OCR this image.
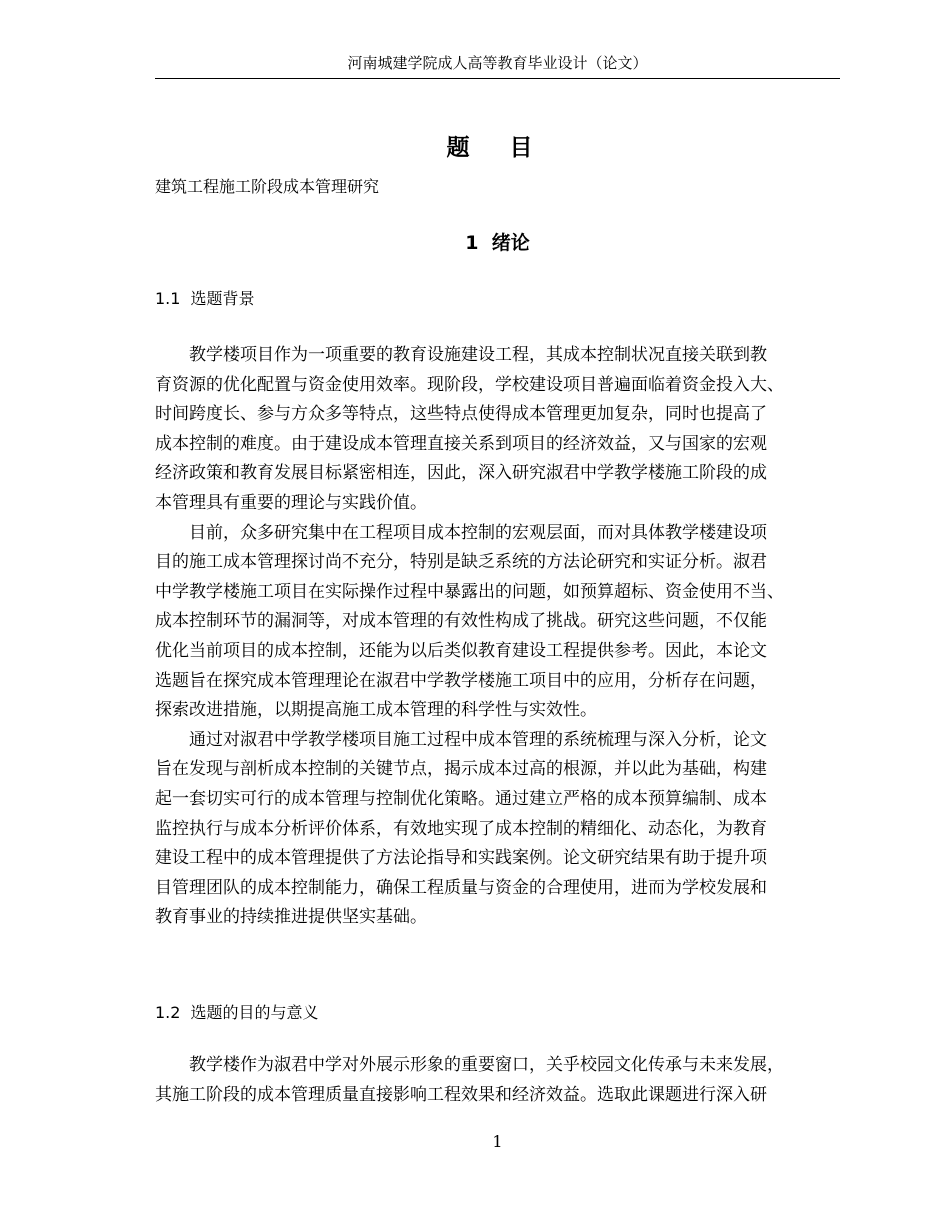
河南城建学院成人高等教育毕业设计（论文）
题 目
建筑工程施工阶段成本管理研究
1 绪论
1.1 选题背景
　　教学楼项目作为一项重要的教育设施建设工程，其成本控制状况直接关联到教
育资源的优化配置与资金使用效率。现阶段，学校建设项目普遍面临着资金投入大、
时间跨度长、参与方众多等特点，这些特点使得成本管理更加复杂，同时也提高了
成本控制的难度。由于建设成本管理直接关系到项目的经济效益，又与国家的宏观
经济政策和教育发展目标紧密相连，因此，深入研究淑君中学教学楼施工阶段的成
本管理具有重要的理论与实践价值。
　　目前，众多研究集中在工程项目成本控制的宏观层面，而对具体教学楼建设项
目的施工成本管理探讨尚不充分，特别是缺乏系统的方法论研究和实证分析。淑君
中学教学楼施工项目在实际操作过程中暴露出的问题，如预算超标、资金使用不当、
成本控制环节的漏洞等，对成本管理的有效性构成了挑战。研究这些问题，不仅能
优化当前项目的成本控制，还能为以后类似教育建设工程提供参考。因此，本论文
选题旨在探究成本管理理论在淑君中学教学楼施工项目中的应用，分析存在问题，
探索改进措施，以期提高施工成本管理的科学性与实效性。
　　通过对淑君中学教学楼项目施工过程中成本管理的系统梳理与深入分析，论文
旨在发现与剖析成本控制的关键节点，揭示成本过高的根源，并以此为基础，构建
起一套切实可行的成本管理与控制优化策略。通过建立严格的成本预算编制、成本
监控执行与成本分析评价体系，有效地实现了成本控制的精细化、动态化，为教育
建设工程中的成本管理提供了方法论指导和实践案例。论文研究结果有助于提升项
目管理团队的成本控制能力，确保工程质量与资金的合理使用，进而为学校发展和
教育事业的持续推进提供坚实基础。
1.2 选题的目的与意义
　　教学楼作为淑君中学对外展示形象的重要窗口，关乎校园文化传承与未来发展，
其施工阶段的成本管理质量直接影响工程效果和经济效益。选取此课题进行深入研
1
